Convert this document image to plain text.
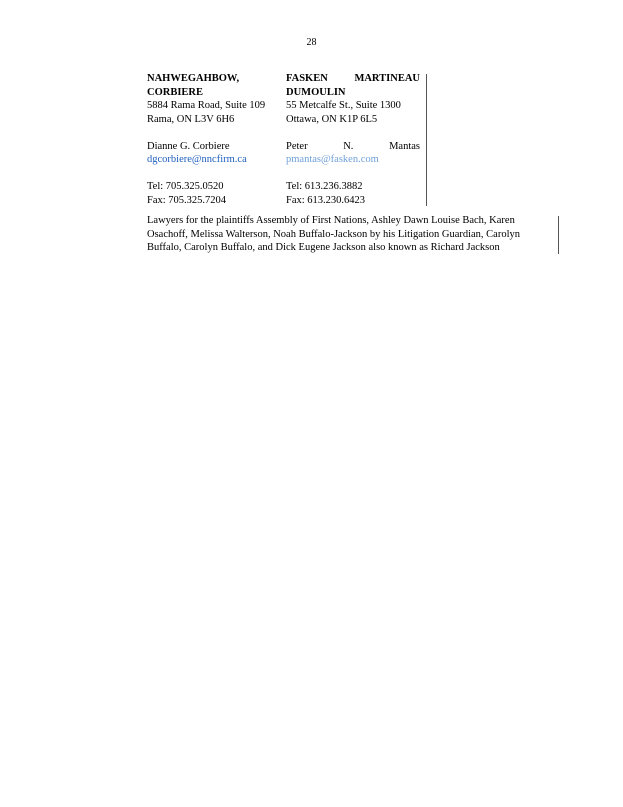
28
NAHWEGAHBOW,
CORBIERE
5884 Rama Road, Suite 109
Rama, ON L3V 6H6
Dianne G. Corbiere
dgcorbiere@nncfirm.ca
Tel: 705.325.0520
Fax: 705.325.7204
FASKEN	MARTINEAU
DUMOULIN
55 Metcalfe St., Suite 1300
Ottawa, ON K1P 6L5
Peter	N.	Mantas
pmantas@fasken.com
Tel: 613.236.3882
Fax: 613.230.6423
Lawyers for the plaintiffs Assembly of First Nations, Ashley Dawn Louise Bach, Karen Osachoff, Melissa Walterson, Noah Buffalo-Jackson by his Litigation Guardian, Carolyn Buffalo, Carolyn Buffalo, and Dick Eugene Jackson also known as Richard Jackson
